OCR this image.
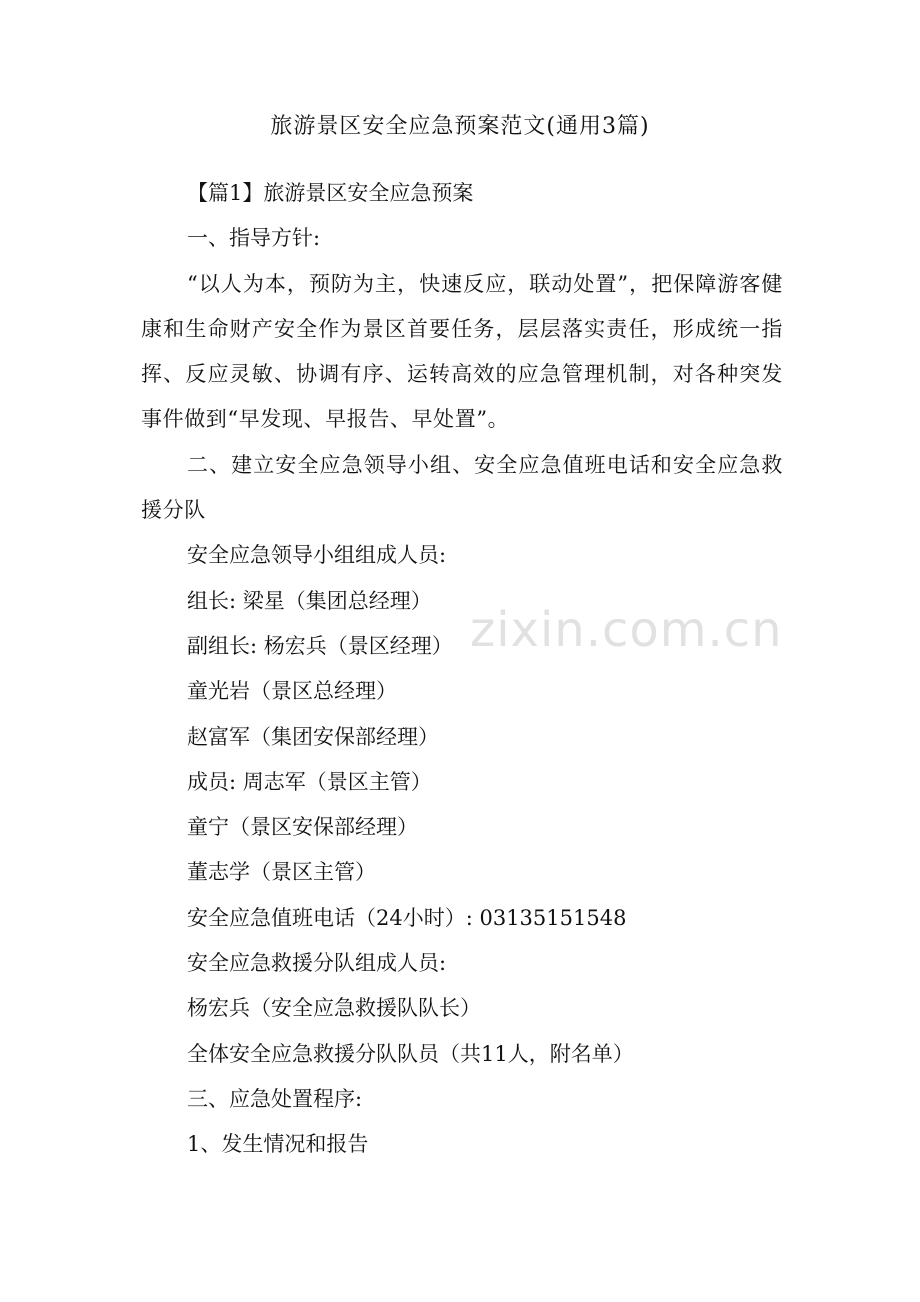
旅游景区安全应急预案范文(通用3篇)

【篇1】旅游景区安全应急预案

一、指导方针:

“以人为本，预防为主，快速反应，联动处置”，把保障游客健康和生命财产安全作为景区首要任务，层层落实责任，形成统一指挥、反应灵敏、协调有序、运转高效的应急管理机制，对各种突发事件做到“早发现、早报告、早处置”。

二、建立安全应急领导小组、安全应急值班电话和安全应急救援分队

安全应急领导小组组成人员:

组长: 梁星（集团总经理）

副组长: 杨宏兵（景区经理）

童光岩（景区总经理）

赵富军（集团安保部经理）

成员: 周志军（景区主管）

童宁（景区安保部经理）

董志学（景区主管）

安全应急值班电话（24小时）: 03135151548

安全应急救援分队组成人员:

杨宏兵（安全应急救援队队长）

全体安全应急救援分队队员（共11人，附名单）

三、应急处置程序:

1、发生情况和报告

zixin.com.cn
